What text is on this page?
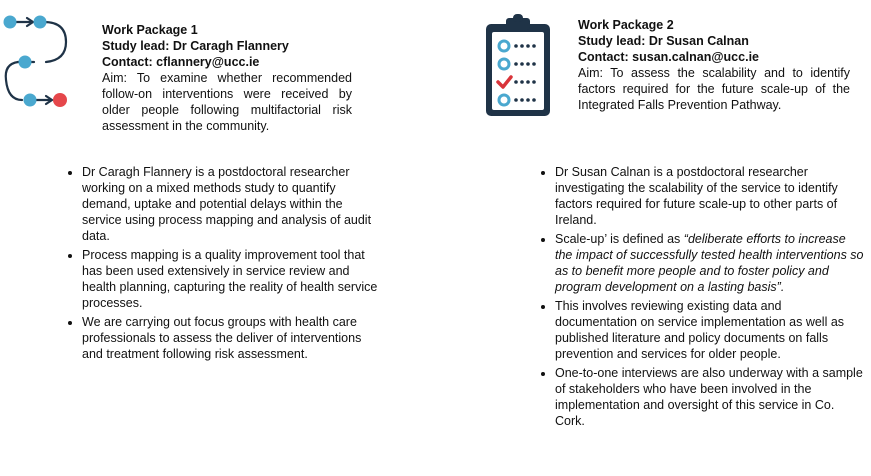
Work Package 1
Study lead: Dr Caragh Flannery
Contact: cflannery@ucc.ie
Aim: To examine whether recommended follow-on interventions were received by older people following multifactorial risk assessment in the community.
• Dr Caragh Flannery is a postdoctoral researcher working on a mixed methods study to quantify demand, uptake and potential delays within the service using process mapping and analysis of audit data.
• Process mapping is a quality improvement tool that has been used extensively in service review and health planning, capturing the reality of health service processes.
• We are carrying out focus groups with health care professionals to assess the deliver of interventions and treatment following risk assessment.
Work Package 2
Study lead: Dr Susan Calnan
Contact: susan.calnan@ucc.ie
Aim: To assess the scalability and to identify factors required for the future scale-up of the Integrated Falls Prevention Pathway.
• Dr Susan Calnan is a postdoctoral researcher investigating the scalability of the service to identify factors required for future scale-up to other parts of Ireland.
• Scale-up’ is defined as “deliberate efforts to increase the impact of successfully tested health interventions so as to benefit more people and to foster policy and program development on a lasting basis”.
• This involves reviewing existing data and documentation on service implementation as well as published literature and policy documents on falls prevention and services for older people.
• One-to-one interviews are also underway with a sample of stakeholders who have been involved in the implementation and oversight of this service in Co. Cork.
